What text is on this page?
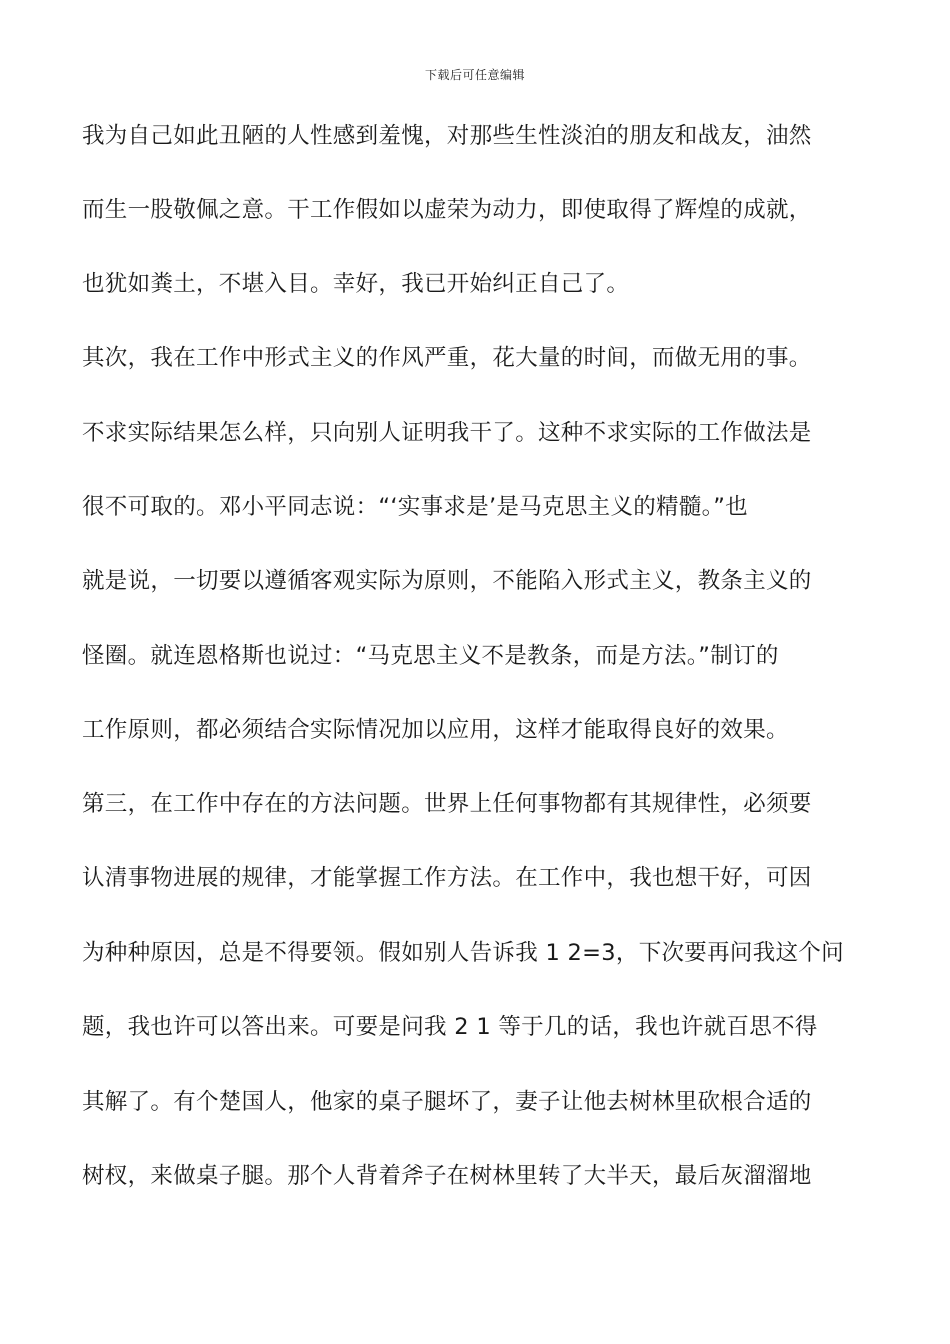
下载后可任意编辑
我为自己如此丑陋的人性感到羞愧，对那些生性淡泊的朋友和战友，油然
而生一股敬佩之意。干工作假如以虚荣为动力，即使取得了辉煌的成就，
也犹如粪土，不堪入目。幸好，我已开始纠正自己了。
其次，我在工作中形式主义的作风严重，花大量的时间，而做无用的事。
不求实际结果怎么样，只向别人证明我干了。这种不求实际的工作做法是
很不可取的。邓小平同志说：“‘实事求是’是马克思主义的精髓。”也
就是说，一切要以遵循客观实际为原则，不能陷入形式主义，教条主义的
怪圈。就连恩格斯也说过：“马克思主义不是教条，而是方法。”制订的
工作原则，都必须结合实际情况加以应用，这样才能取得良好的效果。
第三，在工作中存在的方法问题。世界上任何事物都有其规律性，必须要
认清事物进展的规律，才能掌握工作方法。在工作中，我也想干好，可因
为种种原因，总是不得要领。假如别人告诉我 1 2=3，下次要再问我这个问
题，我也许可以答出来。可要是问我 2 1 等于几的话，我也许就百思不得
其解了。有个楚国人，他家的桌子腿坏了，妻子让他去树林里砍根合适的
树杈，来做桌子腿。那个人背着斧子在树林里转了大半天，最后灰溜溜地
